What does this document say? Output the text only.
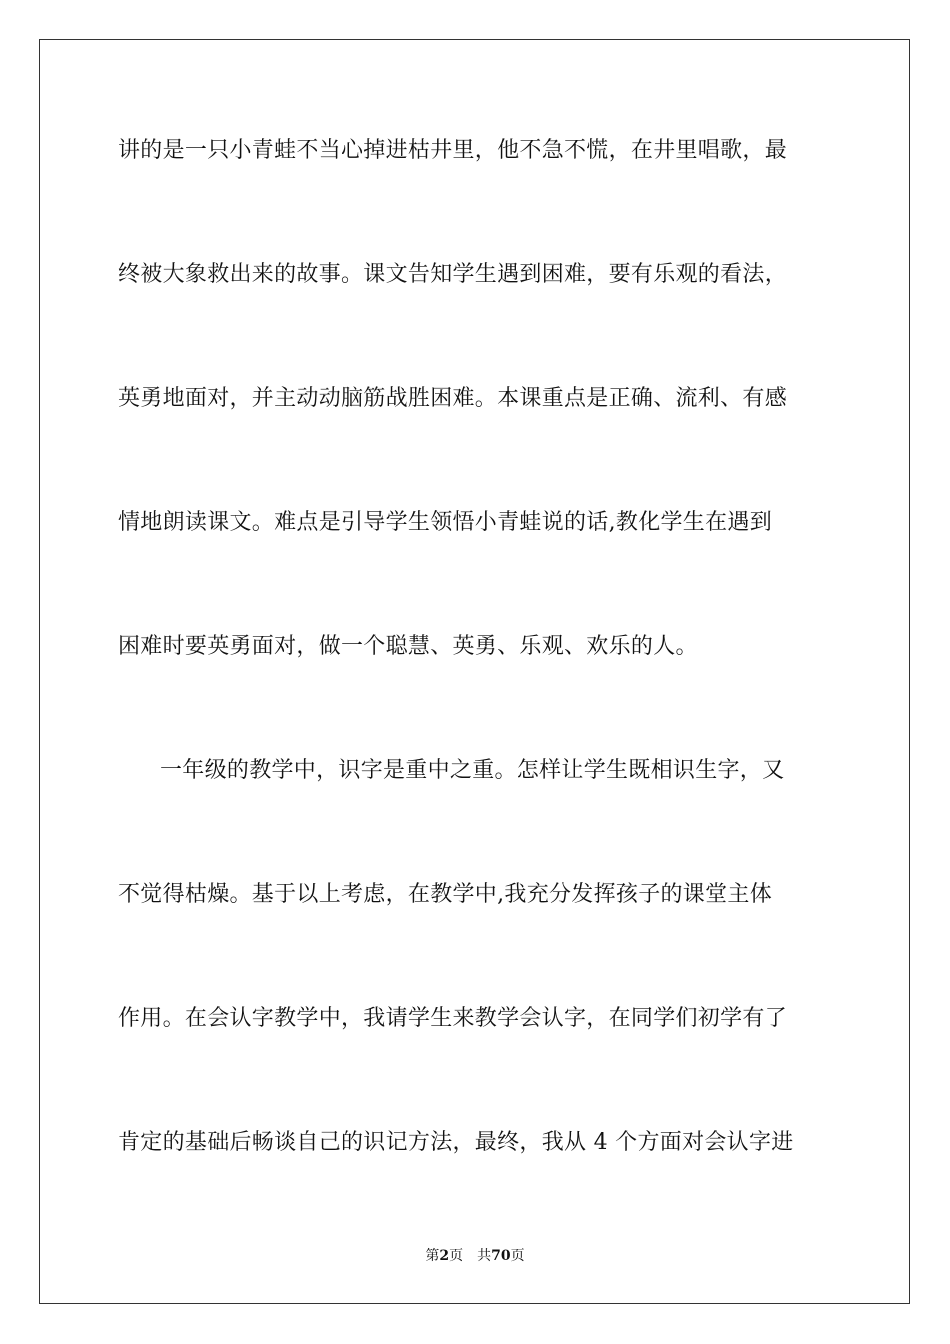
讲的是一只小青蛙不当心掉进枯井里，他不急不慌，在井里唱歌，最
终被大象救出来的故事。课文告知学生遇到困难，要有乐观的看法，
英勇地面对，并主动动脑筋战胜困难。本课重点是正确、流利、有感
情地朗读课文。难点是引导学生领悟小青蛙说的话,教化学生在遇到
困难时要英勇面对，做一个聪慧、英勇、乐观、欢乐的人。
一年级的教学中，识字是重中之重。怎样让学生既相识生字，又
不觉得枯燥。基于以上考虑，在教学中,我充分发挥孩子的课堂主体
作用。在会认字教学中，我请学生来教学会认字，在同学们初学有了
肯定的基础后畅谈自己的识记方法，最终，我从 4 个方面对会认字进
第2页 共70页
